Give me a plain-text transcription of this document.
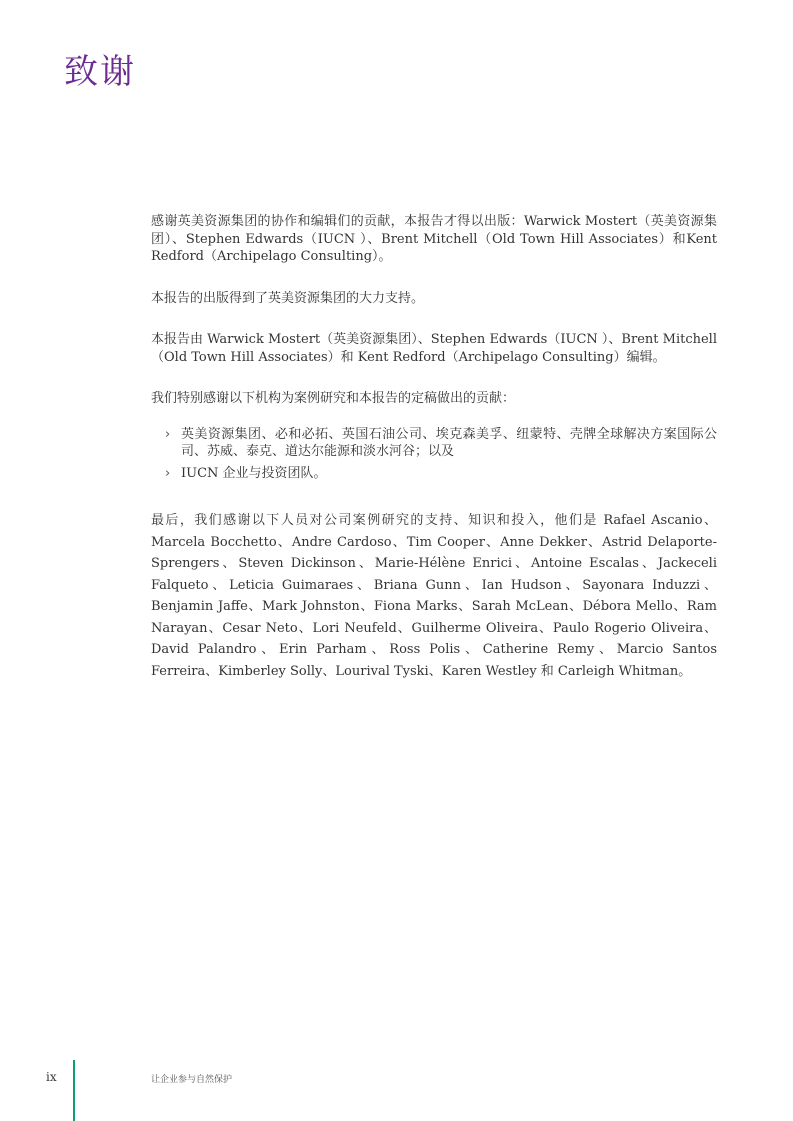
致谢

感谢英美资源集团的协作和编辑们的贡献，本报告才得以出版：Warwick Mostert（英美资源集团）、Stephen Edwards（IUCN ）、Brent Mitchell（Old Town Hill Associates）和Kent Redford（Archipelago Consulting）。

本报告的出版得到了英美资源集团的大力支持。

本报告由 Warwick Mostert（英美资源集团）、Stephen Edwards（IUCN ）、Brent Mitchell（Old Town Hill Associates）和 Kent Redford（Archipelago Consulting）编辑。

我们特别感谢以下机构为案例研究和本报告的定稿做出的贡献：

› 英美资源集团、必和必拓、英国石油公司、埃克森美孚、纽蒙特、壳牌全球解决方案国际公司、苏威、泰克、道达尔能源和淡水河谷；以及
› IUCN 企业与投资团队。

最后，我们感谢以下人员对公司案例研究的支持、知识和投入，他们是 Rafael Ascanio、Marcela Bocchetto、Andre Cardoso、Tim Cooper、Anne Dekker、Astrid Delaporte-Sprengers、Steven Dickinson、Marie-Hélène Enrici、Antoine Escalas、Jackeceli Falqueto、Leticia Guimaraes、Briana Gunn、Ian Hudson、Sayonara Induzzi、Benjamin Jaffe、Mark Johnston、Fiona Marks、Sarah McLean、Débora Mello、Ram Narayan、Cesar Neto、Lori Neufeld、Guilherme Oliveira、Paulo Rogerio Oliveira、David Palandro、Erin Parham、Ross Polis、Catherine Remy、Marcio Santos Ferreira、Kimberley Solly、Lourival Tyski、Karen Westley 和 Carleigh Whitman。

ix	让企业参与自然保护
